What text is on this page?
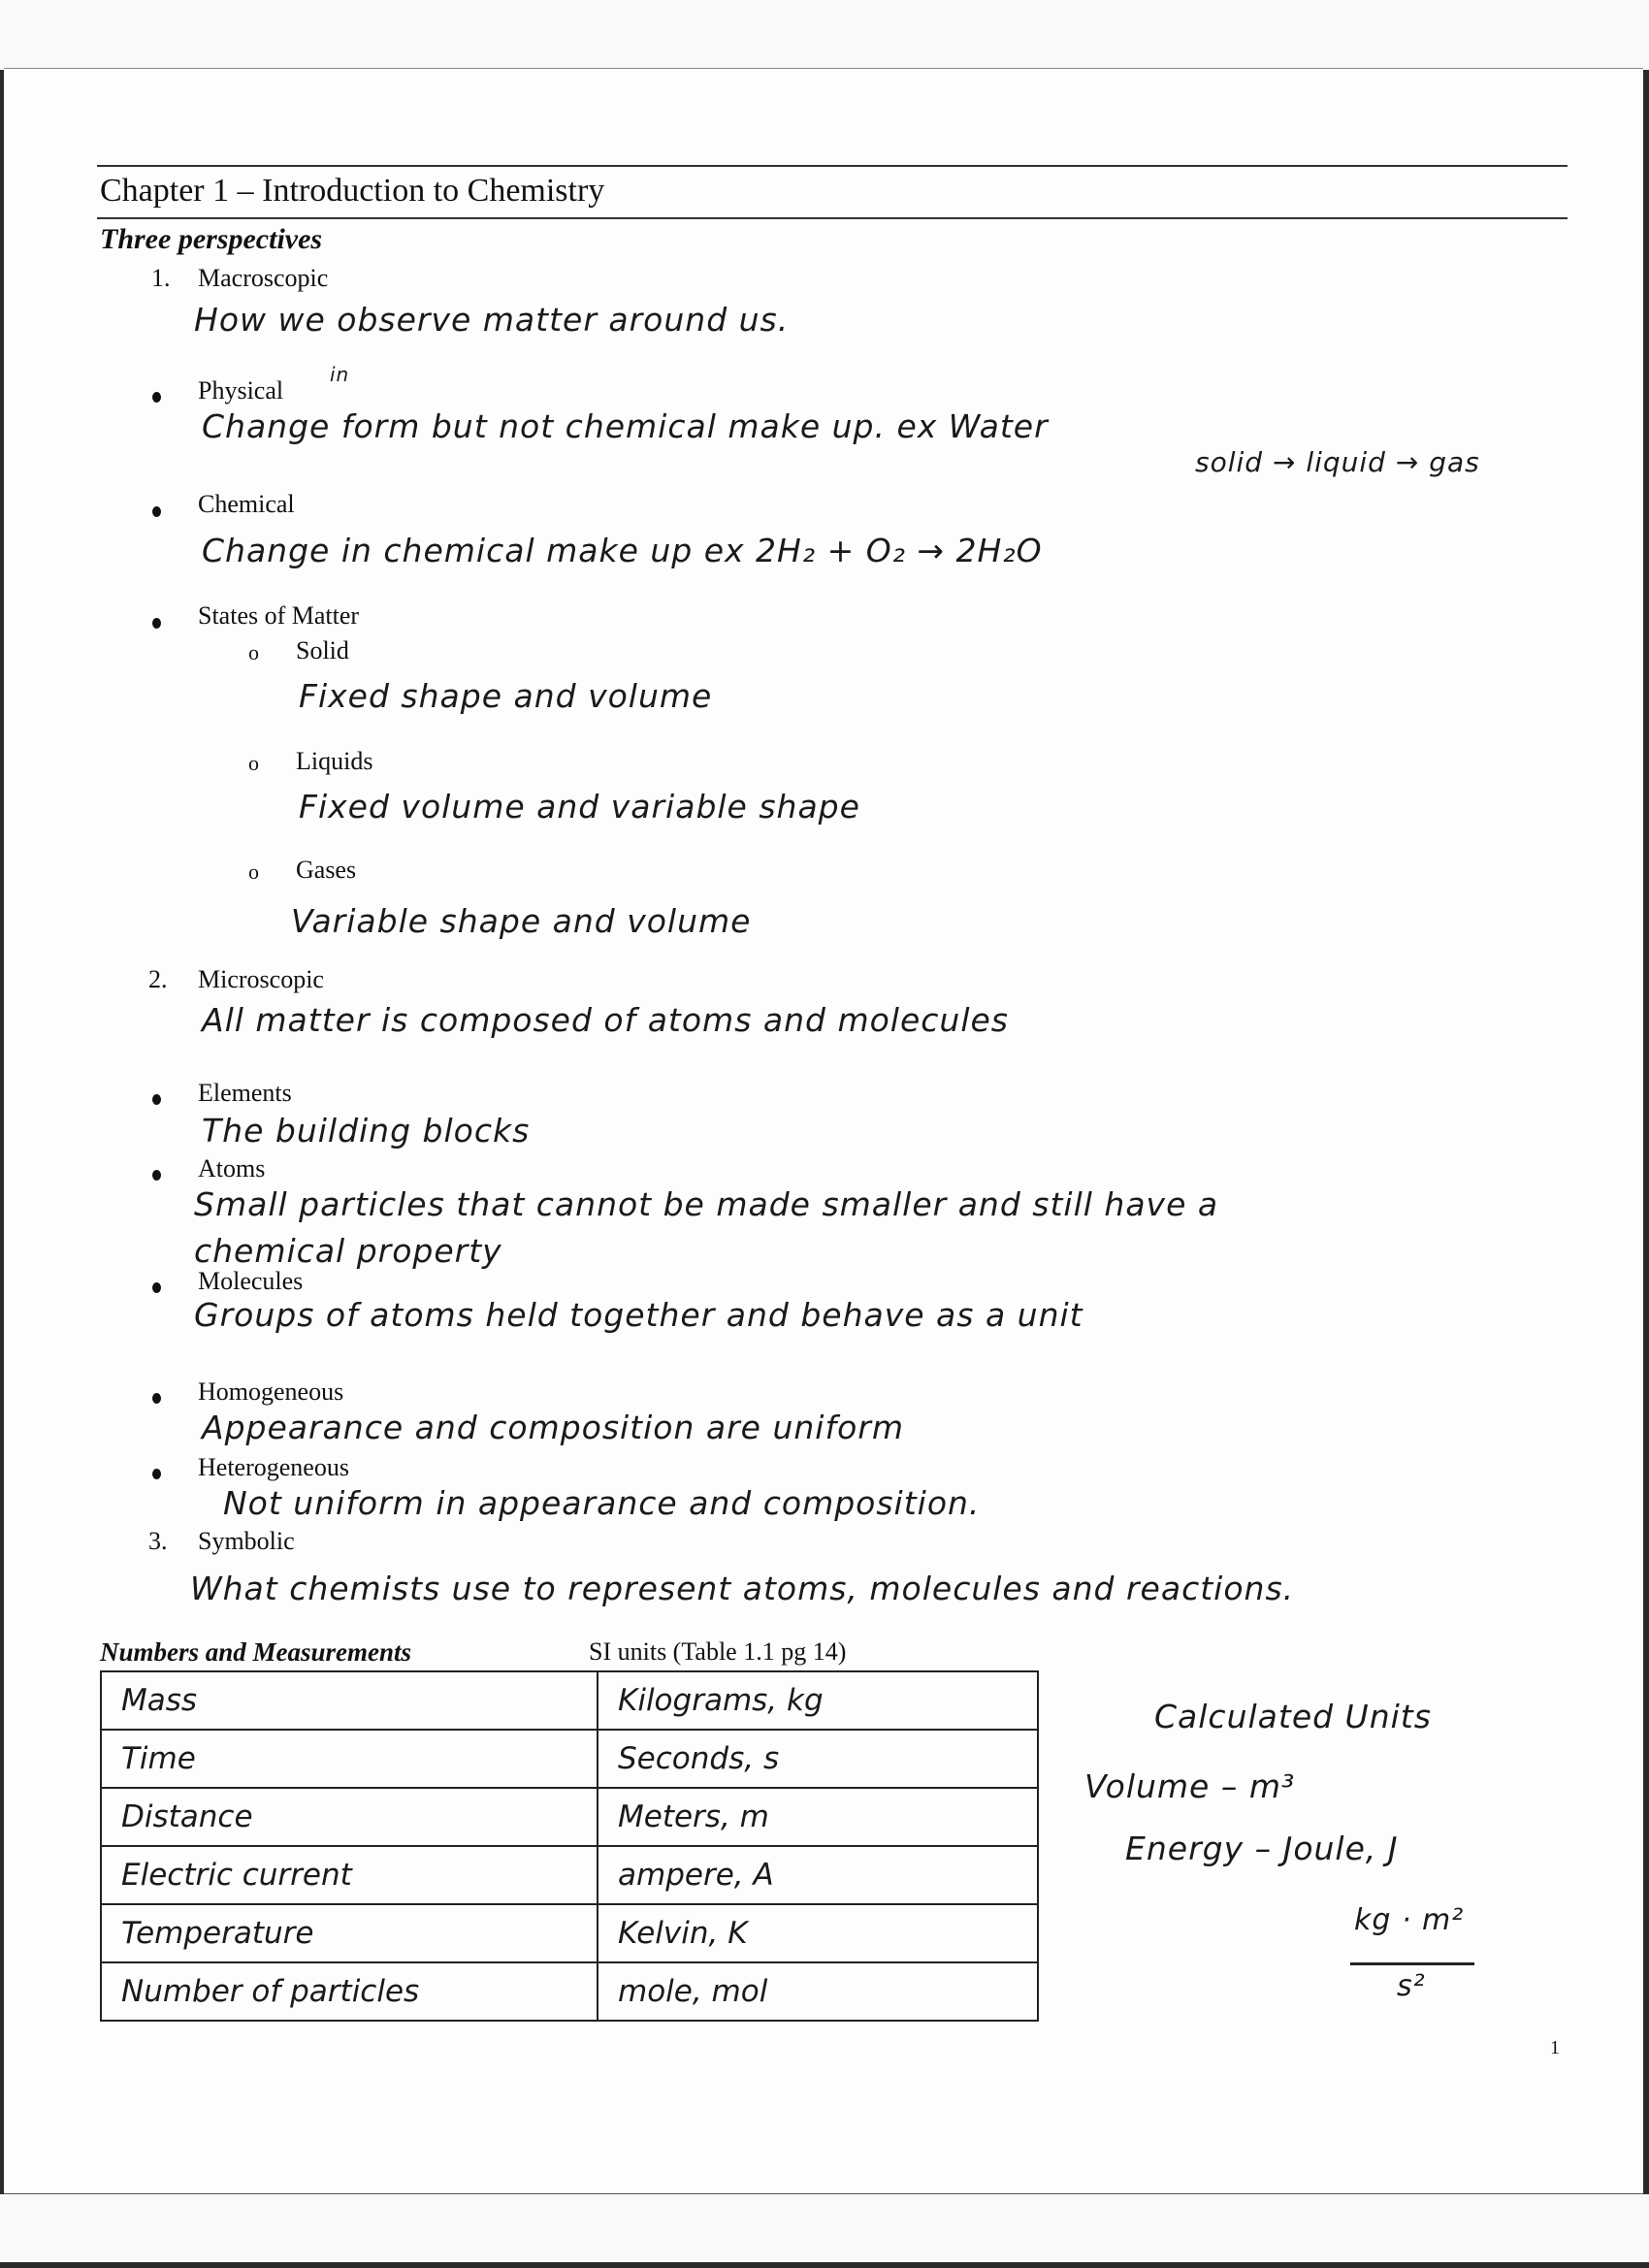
Chapter 1 – Introduction to Chemistry
Three perspectives
1. Macroscopic
How we observe matter around us.
Physical
in
Change form but not chemical make up. ex Water
solid → liquid → gas
Chemical
Change in chemical make up ex 2H₂ + O₂ → 2H₂O
States of Matter
o Solid
Fixed shape and volume
o Liquids
Fixed volume and variable shape
o Gases
Variable shape and volume
2. Microscopic
All matter is composed of atoms and molecules
Elements
The building blocks
Atoms
Small particles that cannot be made smaller and still have a
chemical property
Molecules
Groups of atoms held together and behave as a unit
Homogeneous
Appearance and composition are uniform
Heterogeneous
Not uniform in appearance and composition.
3. Symbolic
What chemists use to represent atoms, molecules and reactions.
Numbers and Measurements	SI units (Table 1.1 pg 14)
Mass	Kilograms, kg
Time	Seconds, s
Distance	Meters, m
Electric current	ampere, A
Temperature	Kelvin, K
Number of particles	mole, mol
Calculated Units
Volume – m³
Energy – Joule, J
kg · m²
s²
1
